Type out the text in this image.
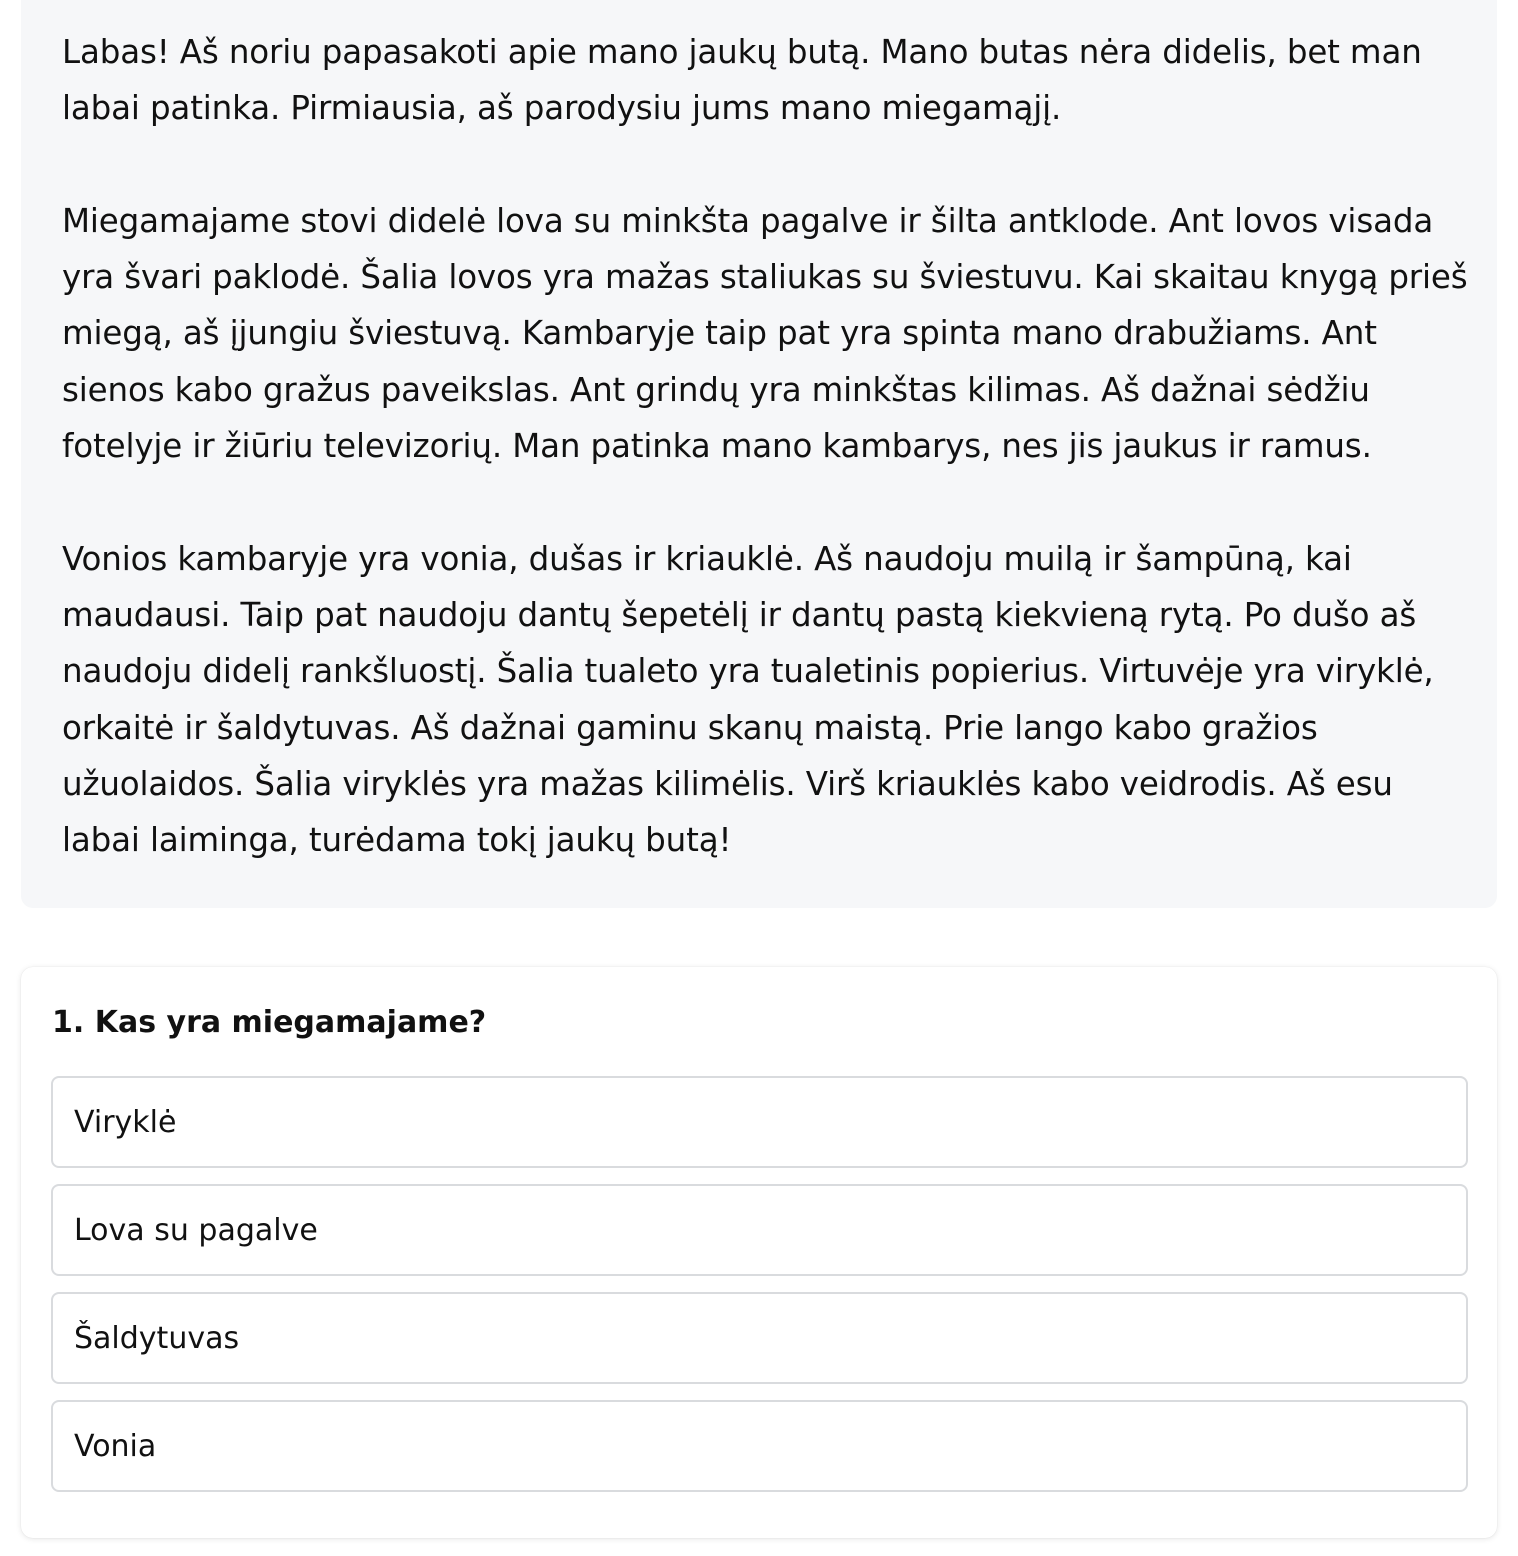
Labas! Aš noriu papasakoti apie mano jaukų butą. Mano butas nėra didelis, bet man labai patinka. Pirmiausia, aš parodysiu jums mano miegamąjį.

Miegamajame stovi didelė lova su minkšta pagalve ir šilta antklode. Ant lovos visada yra švari paklodė. Šalia lovos yra mažas staliukas su šviestuvu. Kai skaitau knygą prieš miegą, aš įjungiu šviestuvą. Kambaryje taip pat yra spinta mano drabužiams. Ant sienos kabo gražus paveikslas. Ant grindų yra minkštas kilimas. Aš dažnai sėdžiu fotelyje ir žiūriu televizorių. Man patinka mano kambarys, nes jis jaukus ir ramus.

Vonios kambaryje yra vonia, dušas ir kriauklė. Aš naudoju muilą ir šampūną, kai maudausi. Taip pat naudoju dantų šepetėlį ir dantų pastą kiekvieną rytą. Po dušo aš naudoju didelį rankšluostį. Šalia tualeto yra tualetinis popierius. Virtuvėje yra viryklė, orkaitė ir šaldytuvas. Aš dažnai gaminu skanų maistą. Prie lango kabo gražios užuolaidos. Šalia viryklės yra mažas kilimėlis. Virš kriauklės kabo veidrodis. Aš esu labai laiminga, turėdama tokį jaukų butą!

1. Kas yra miegamajame?
Viryklė
Lova su pagalve
Šaldytuvas
Vonia
